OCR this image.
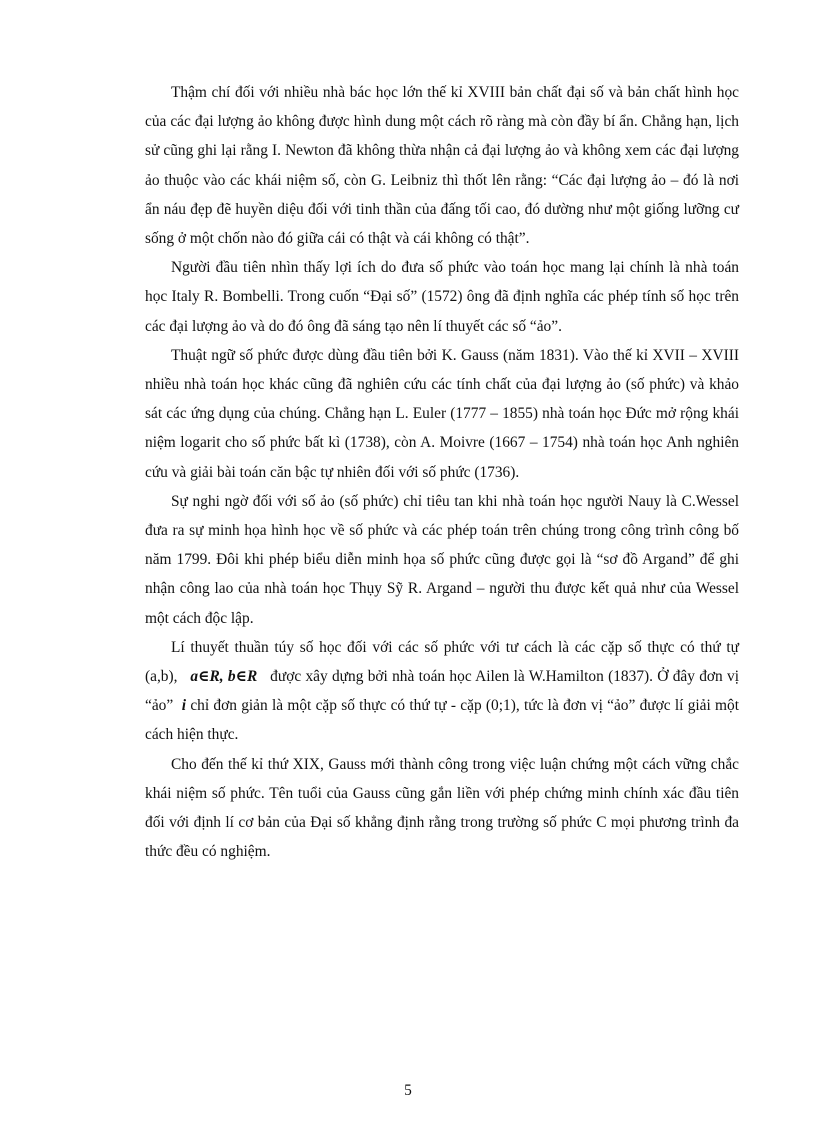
Thậm chí đối với nhiều nhà bác học lớn thế kỉ XVIII bản chất đại số và bản chất hình học của các đại lượng ảo không được hình dung một cách rõ ràng mà còn đầy bí ẩn. Chẳng hạn, lịch sử cũng ghi lại rằng I. Newton đã không thừa nhận cả đại lượng ảo và không xem các đại lượng ảo thuộc vào các khái niệm số, còn G. Leibniz thì thốt lên rằng: “Các đại lượng ảo – đó là nơi ẩn náu đẹp đẽ huyền diệu đối với tinh thần của đấng tối cao, đó dường như một giống lưỡng cư sống ở một chốn nào đó giữa cái có thật và cái không có thật”.

Người đầu tiên nhìn thấy lợi ích do đưa số phức vào toán học mang lại chính là nhà toán học Italy R. Bombelli. Trong cuốn “Đại số” (1572) ông đã định nghĩa các phép tính số học trên các đại lượng ảo và do đó ông đã sáng tạo nên lí thuyết các số “ảo”.

Thuật ngữ số phức được dùng đầu tiên bởi K. Gauss (năm 1831). Vào thế kỉ XVII – XVIII nhiều nhà toán học khác cũng đã nghiên cứu các tính chất của đại lượng ảo (số phức) và khảo sát các ứng dụng của chúng. Chẳng hạn L. Euler (1777 – 1855) nhà toán học Đức mở rộng khái niệm logarit cho số phức bất kì (1738), còn A. Moivre (1667 – 1754) nhà toán học Anh nghiên cứu và giải bài toán căn bậc tự nhiên đối với số phức (1736).

Sự nghi ngờ đối với số ảo (số phức) chỉ tiêu tan khi nhà toán học người Nauy là C.Wessel đưa ra sự minh họa hình học về số phức và các phép toán trên chúng trong công trình công bố năm 1799. Đôi khi phép biểu diễn minh họa số phức cũng được gọi là “sơ đồ Argand” để ghi nhận công lao của nhà toán học Thụy Sỹ R. Argand – người thu được kết quả như của Wessel một cách độc lập.

Lí thuyết thuần túy số học đối với các số phức với tư cách là các cặp số thực có thứ tự (a,b), a∈R, b∈R được xây dựng bởi nhà toán học Ailen là W.Hamilton (1837). Ở đây đơn vị “ảo” i chỉ đơn giản là một cặp số thực có thứ tự - cặp (0;1), tức là đơn vị “ảo” được lí giải một cách hiện thực.

Cho đến thế kỉ thứ XIX, Gauss mới thành công trong việc luận chứng một cách vững chắc khái niệm số phức. Tên tuổi của Gauss cũng gắn liền với phép chứng minh chính xác đầu tiên đối với định lí cơ bản của Đại số khẳng định rằng trong trường số phức C mọi phương trình đa thức đều có nghiệm.

5
